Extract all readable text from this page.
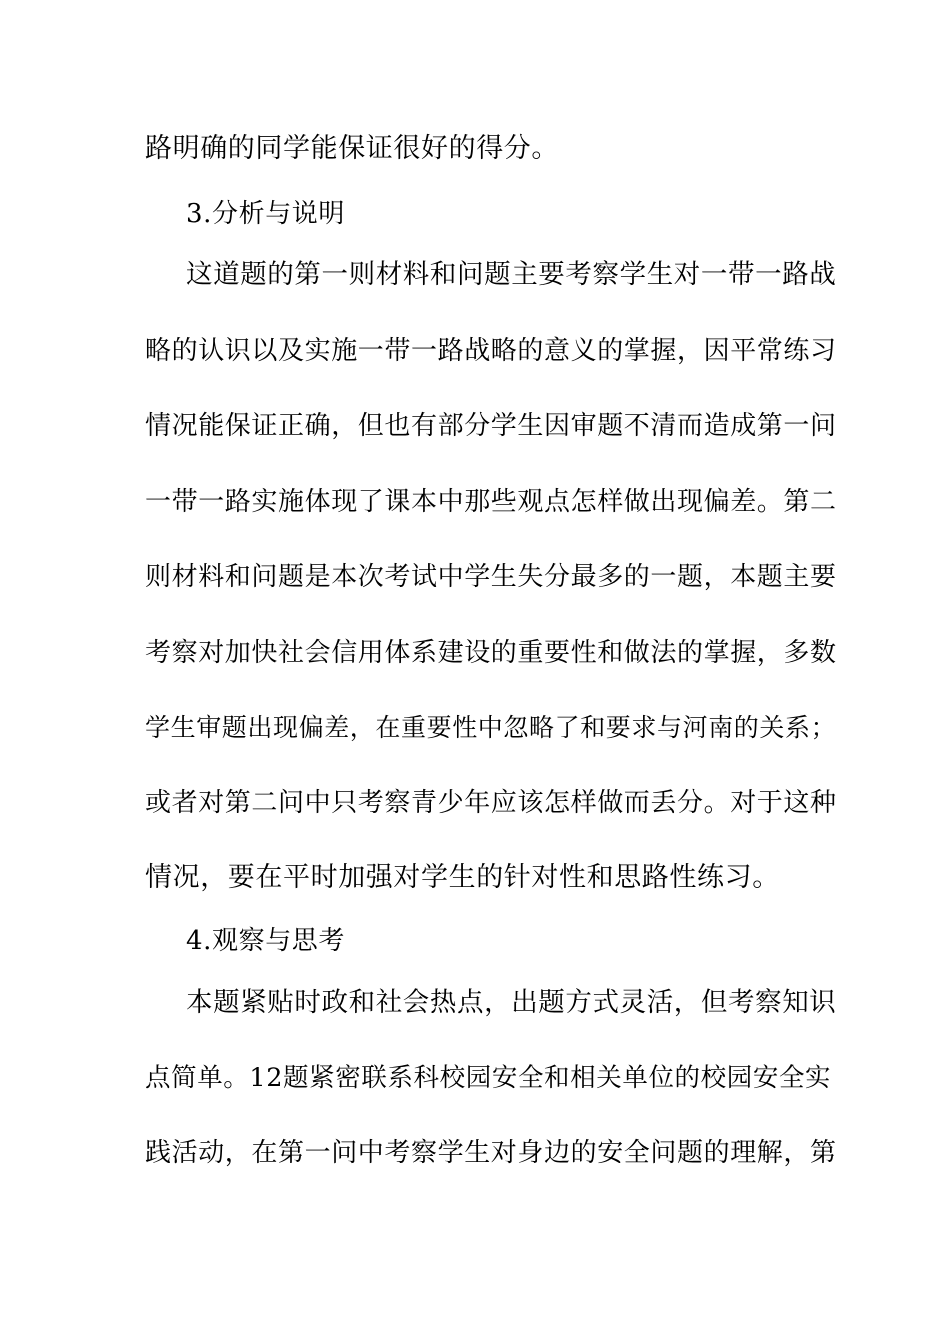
路明确的同学能保证很好的得分。
3.分析与说明
这道题的第一则材料和问题主要考察学生对一带一路战
略的认识以及实施一带一路战略的意义的掌握，因平常练习
情况能保证正确，但也有部分学生因审题不清而造成第一问
一带一路实施体现了课本中那些观点怎样做出现偏差。第二
则材料和问题是本次考试中学生失分最多的一题，本题主要
考察对加快社会信用体系建设的重要性和做法的掌握，多数
学生审题出现偏差，在重要性中忽略了和要求与河南的关系；
或者对第二问中只考察青少年应该怎样做而丢分。对于这种
情况，要在平时加强对学生的针对性和思路性练习。
4.观察与思考
本题紧贴时政和社会热点，出题方式灵活，但考察知识
点简单。12题紧密联系科校园安全和相关单位的校园安全实
践活动，在第一问中考察学生对身边的安全问题的理解，第
